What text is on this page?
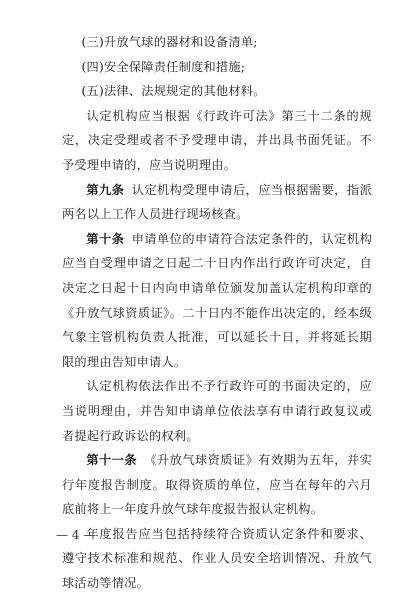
(三)升放气球的器材和设备清单;

(四)安全保障责任制度和措施;

(五)法律、法规规定的其他材料。

认定机构应当根据《行政许可法》第三十二条的规定，决定受理或者不予受理申请，并出具书面凭证。不予受理申请的，应当说明理由。

第九条 认定机构受理申请后，应当根据需要，指派两名以上工作人员进行现场核查。

第十条 申请单位的申请符合法定条件的，认定机构应当自受理申请之日起二十日内作出行政许可决定，自决定之日起十日内向申请单位颁发加盖认定机构印章的《升放气球资质证》。二十日内不能作出决定的，经本级气象主管机构负责人批准，可以延长十日，并将延长期限的理由告知申请人。

认定机构依法作出不予行政许可的书面决定的，应当说明理由，并告知申请单位依法享有申请行政复议或者提起行政诉讼的权利。

第十一条 《升放气球资质证》有效期为五年，并实行年度报告制度。取得资质的单位，应当在每年的六月底前将上一年度升放气球年度报告报认定机构。

年度报告应当包括持续符合资质认定条件和要求、遵守技术标准和规范、作业人员安全培训情况、升放气球活动等情况。

— 4 —
